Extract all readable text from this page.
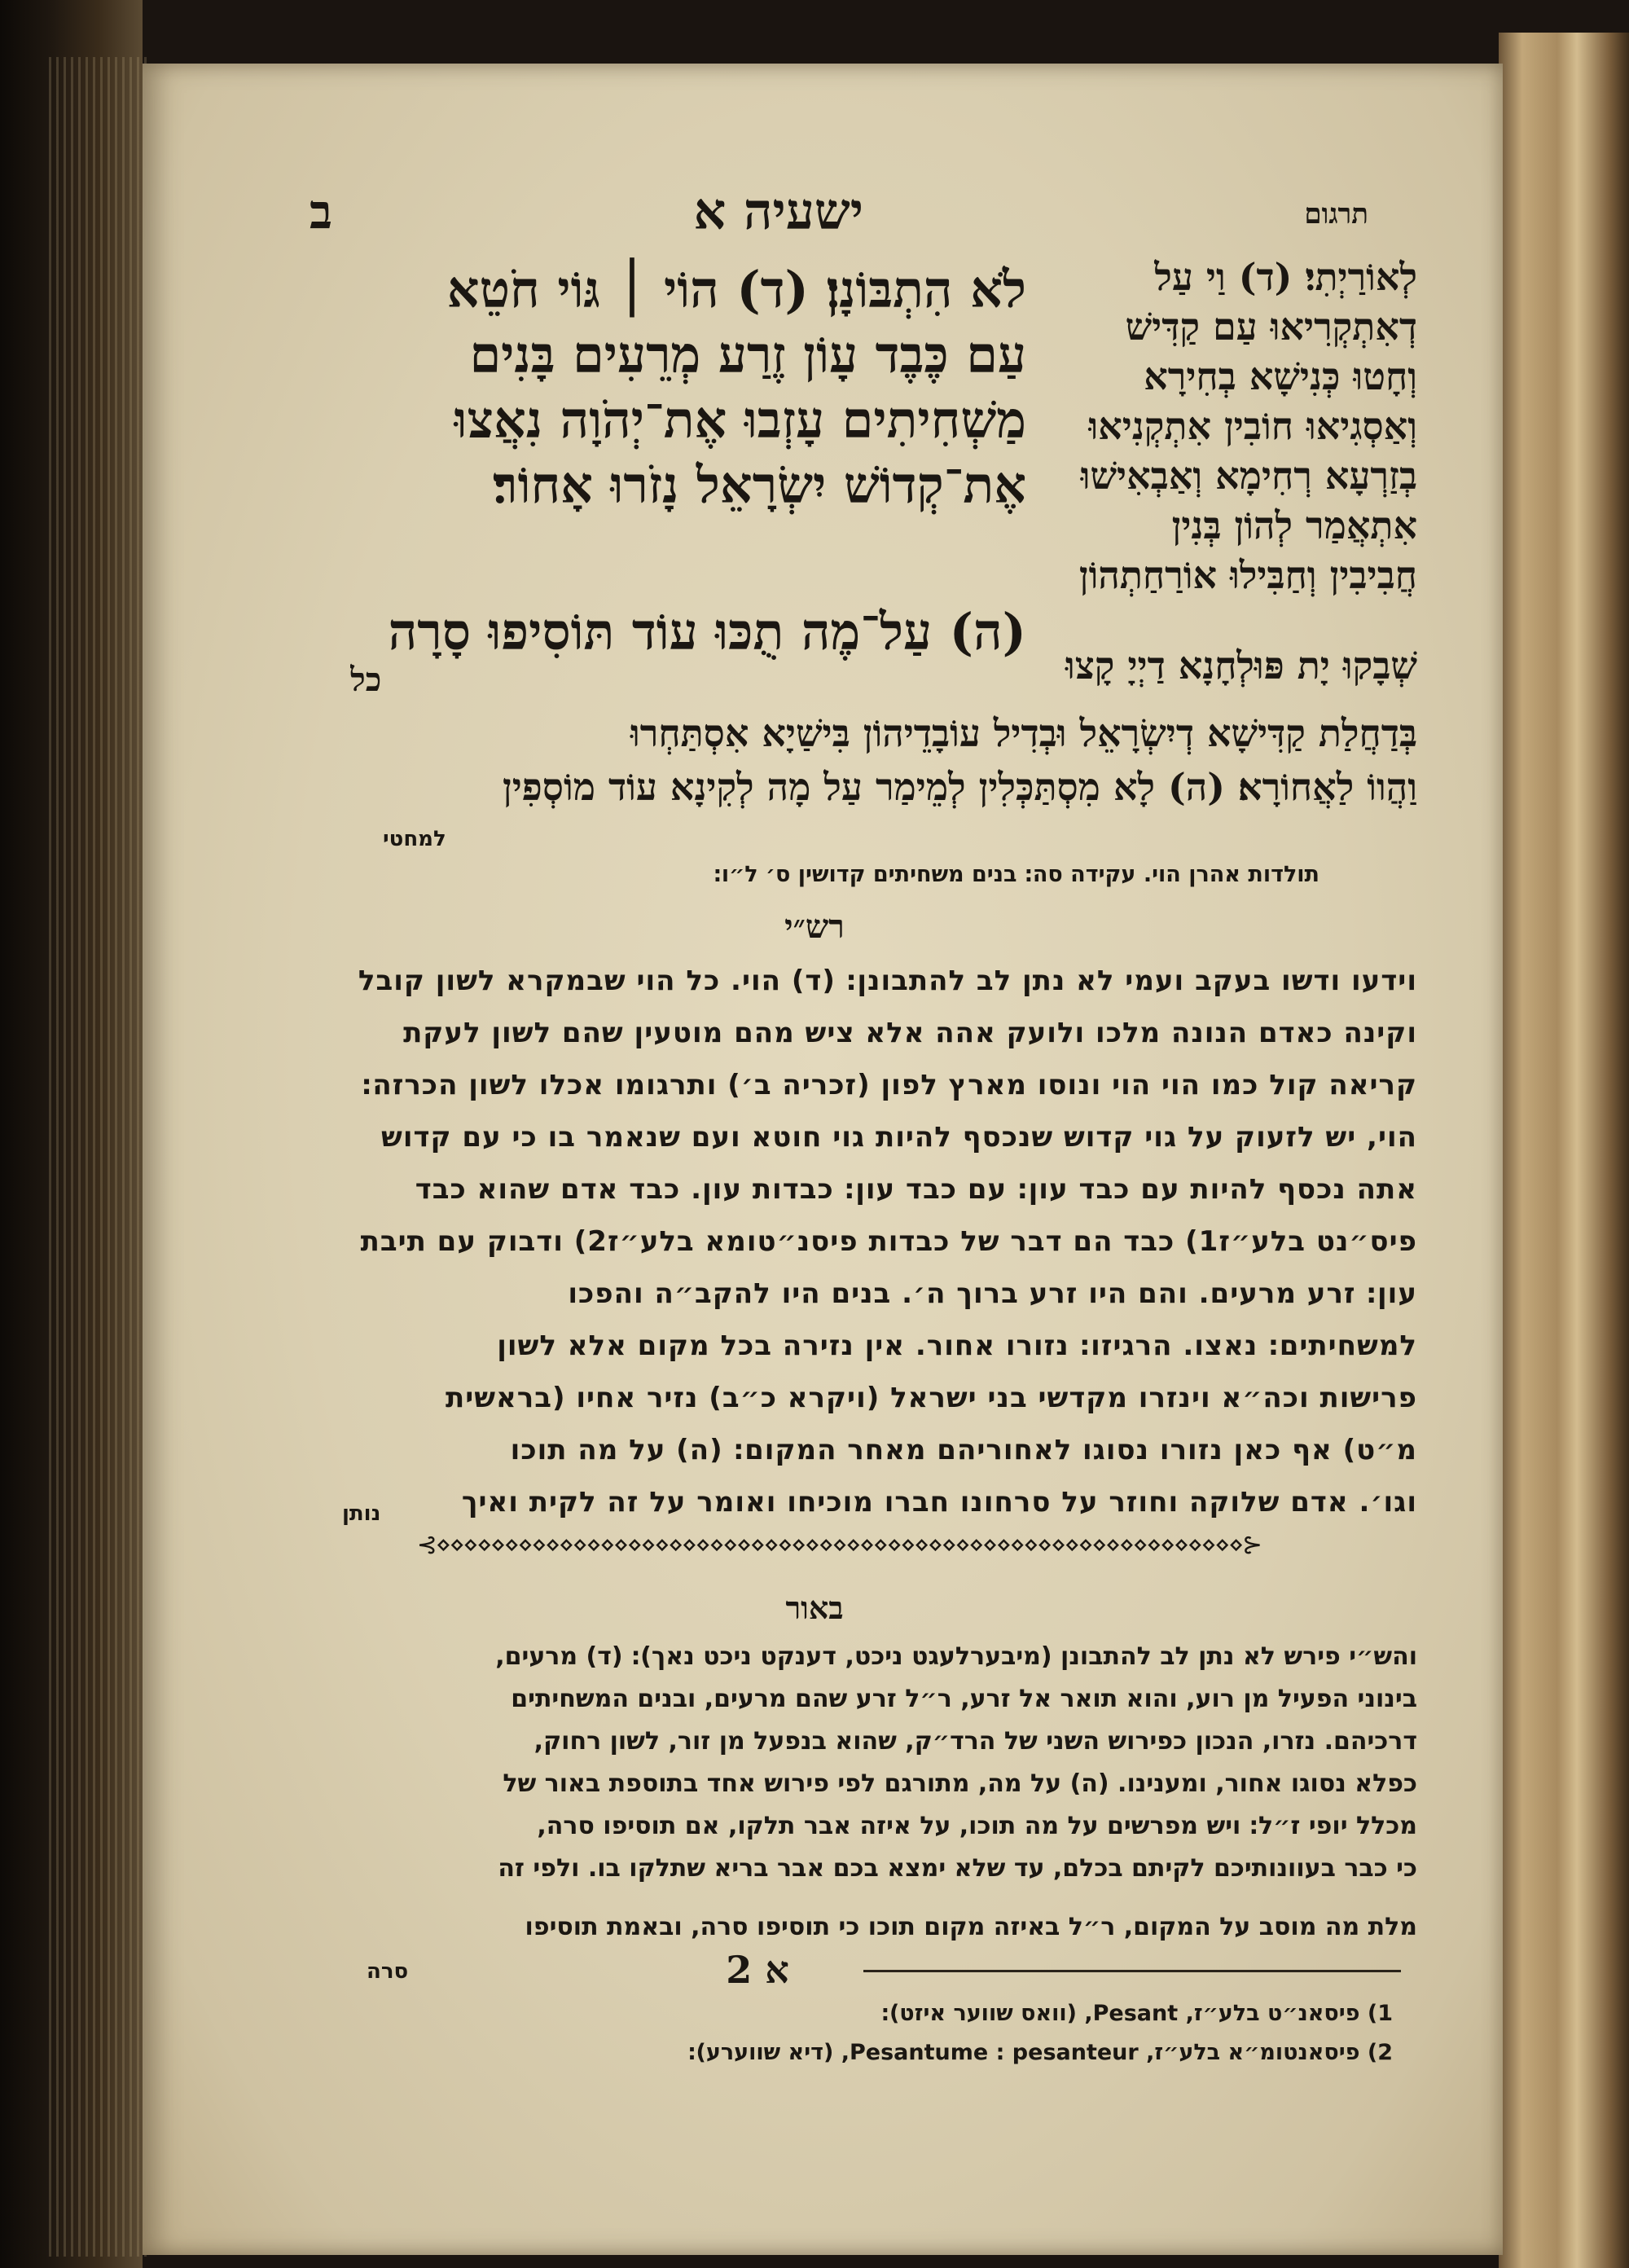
תרגום
ישעיה א
ב
לֹא הִתְבּוֹנָן׃ (ד) הוֹי ׀ גּוֹי חֹטֵא
עַם כֶּבֶד עָוֹן זֶרַע מְרֵעִים בָּנִים
מַשְׁחִיתִים עָזְבוּ אֶת־יְהֹוָה נִאֲצוּ
אֶת־קְדוֹשׁ יִשְׂרָאֵל נָזֹרוּ אָחוֹר׃
(ה) עַל־מֶה תֻכּוּ עוֹד תּוֹסִיפוּ סָרָה
כל
לְאוֹרַיְתִי׃ (ד) וַי עַל
דְאִתְקְרִיאוּ עַם קַדִּישׁ
וְחָטוּ כְּנִישָׁא בְחִירָא
וְאַסְגִיאוּ חוֹבִין אִתְקְנִיאוּ
בְזַרְעָא רְחִימָא וְאַבְאִישׁוּ
אִתְאֲמַר לְהוֹן בְּנִין
חֲבִיבִין וְחַבִּילוּ אוֹרַחַתְהוֹן
שְׁבָקוּ יָת פּוּלְחָנָא דַיְיָ קָצוּ
בְּדַחֲלַת קַדִּישָׁא דְיִשְׂרָאֵל וּבְדִיל עוֹבָדֵיהוֹן בִּישַׁיָא אִסְתַּחְרוּ
וַהֲווֹ לַאֲחוֹרָא׃ (ה) לָא מִסְתַּכְּלִין לְמֵימַר עַל מָה לְקִינָא עוֹד מוֹסְפִין
למחטי
תולדות אהרן הוי. עקידה סה׃ בנים משחיתים קדושין ס׳ ל״ו׃
רש״י
וידעו ודשו בעקב ועמי לא נתן לב להתבונן׃ (ד) הוי. כל הוי שבמקרא לשון קובל
וקינה כאדם הנונה מלכו ולועק אהה אלא ציש מהם מוטעין שהם לשון לעקת
קריאה קול כמו הוי הוי ונוסו מארץ לפון (זכריה ב׳) ותרגומו אכלו לשון הכרזה׃
הוי, יש לזעוק על גוי קדוש שנכסף להיות גוי חוטא ועם שנאמר בו כי עם קדוש
אתה נכסף להיות עם כבד עון׃ עם כבד עון׃ כבדות עון. כבד אדם שהוא כבד
פיס״נט בלע״ז1) כבד הם דבר של כבדות פיסנ״טומא בלע״ז2) ודבוק עם תיבת
עון׃ זרע מרעים. והם היו זרע ברוך ה׳. בנים היו להקב״ה והפכו
למשחיתים׃ נאצו. הרגיזו׃ נזורו אחור. אין נזירה בכל מקום אלא לשון
פרישות וכה״א וינזרו מקדשי בני ישראל (ויקרא כ״ב) נזיר אחיו (בראשית
מ״ט) אף כאן נזורו נסוגו לאחוריהם מאחר המקום׃ (ה) על מה תוכו
וגו׳. אדם שלוקה וחוזר על סרחונו חברו מוכיחו ואומר על זה לקית ואיך
נותן
⊰⋄⋄⋄⋄⋄⋄⋄⋄⋄⋄⋄⋄⋄⋄⋄⋄⋄⋄⋄⋄⋄⋄⋄⋄⋄⋄⋄⋄⋄⋄⋄⋄⋄⋄⋄⋄⋄⋄⋄⋄⋄⋄⋄⋄⋄⋄⋄⋄⋄⋄⋄⋄⋄⋄⋄⋄⋄⋄⋄⊱
באור
והש״י פירש לא נתן לב להתבונן (מיבערלעגט ניכט, דענקט ניכט נאך)׃ (ד) מרעים,
בינוני הפעיל מן רוע, והוא תואר אל זרע, ר״ל זרע שהם מרעים, ובנים המשחיתים
דרכיהם. נזרו, הנכון כפירוש השני של הרד״ק, שהוא בנפעל מן זור, לשון רחוק,
כפלא נסוגו אחור, ומענינו. (ה) על מה, מתורגם לפי פירוש אחד בתוספת באור של
מכלל יופי ז״ל׃ ויש מפרשים על מה תוכו, על איזה אבר תלקו, אם תוסיפו סרה,
כי כבר בעוונותיכם לקיתם בכלם, עד שלא ימצא בכם אבר בריא שתלקו בו. ולפי זה
מלת מה מוסב על המקום, ר״ל באיזה מקום תוכו כי תוסיפו סרה, ובאמת תוסיפו
סרה	א 2
1) פיסאנ״ט בלע״ז, Pesant, (וואס שווער איזט)׃
2) פיסאנטומ״א בלע״ז, Pesantume : pesanteur, (דיא שווערע)׃
